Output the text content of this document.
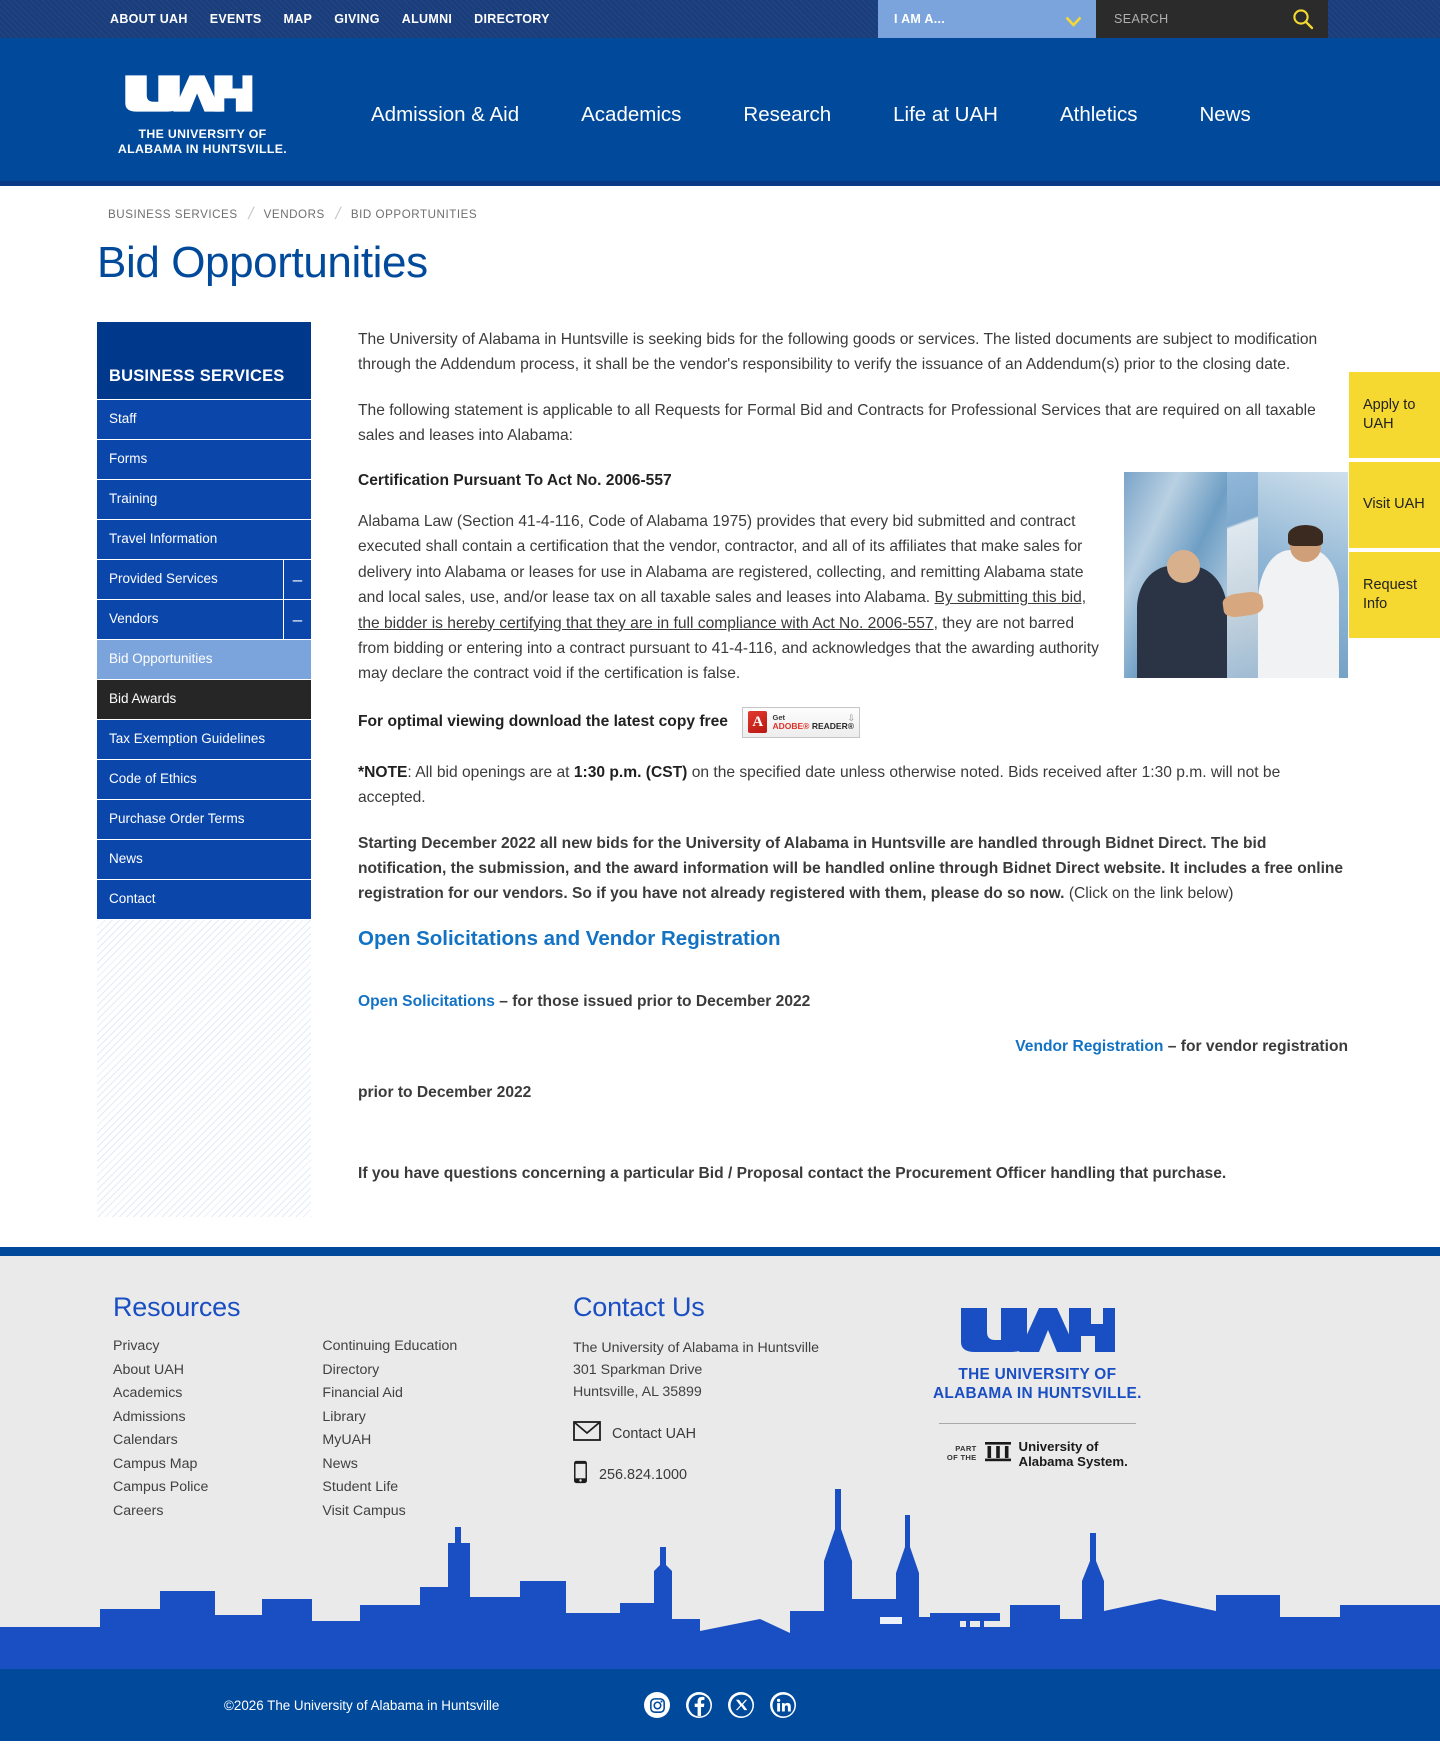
ABOUT UAH EVENTS MAP GIVING ALUMNI DIRECTORY	I AM A...
SEARCH
THE UNIVERSITY OF
ALABAMA IN HUNTSVILLE.
Admission & Aid	Academics	Research	Life at UAH	Athletics	News
Apply to UAH
Visit UAH
Request Info
BUSINESS SERVICES / VENDORS / BID OPPORTUNITIES
Bid Opportunities
BUSINESS SERVICES
Staff
Forms
Training
Travel Information
Provided Services	–
Vendors	–
Bid Opportunities
Bid Awards
Tax Exemption Guidelines
Code of Ethics
Purchase Order Terms
News
Contact

The University of Alabama in Huntsville is seeking bids for the following goods or services. The listed documents are subject to modification through the Addendum process, it shall be the vendor's responsibility to verify the issuance of an Addendum(s) prior to the closing date.

The following statement is applicable to all Requests for Formal Bid and Contracts for Professional Services that are required on all taxable sales and leases into Alabama:

Certification Pursuant To Act No. 2006-557

Alabama Law (Section 41-4-116, Code of Alabama 1975) provides that every bid submitted and contract executed shall contain a certification that the vendor, contractor, and all of its affiliates that make sales for delivery into Alabama or leases for use in Alabama are registered, collecting, and remitting Alabama state and local sales, use, and/or lease tax on all taxable sales and leases into Alabama. By submitting this bid, the bidder is hereby certifying that they are in full compliance with Act No. 2006-557, they are not barred from bidding or entering into a contract pursuant to 41-4-116, and acknowledges that the awarding authority may declare the contract void if the certification is false.

For optimal viewing download the latest copy free A	Get
ADOBE® READER®
⇩

*NOTE: All bid openings are at 1:30 p.m. (CST) on the specified date unless otherwise noted. Bids received after 1:30 p.m. will not be accepted.

Starting December 2022 all new bids for the University of Alabama in Huntsville are handled through Bidnet Direct. The bid notification, the submission, and the award information will be handled online through Bidnet Direct website. It includes a free online registration for our vendors. So if you have not already registered with them, please do so now. (Click on the link below)

Open Solicitations and Vendor Registration

Open Solicitations – for those issued prior to December 2022

Vendor Registration – for vendor registration

prior to December 2022

If you have questions concerning a particular Bid / Proposal contact the Procurement Officer handling that purchase.

Resources
Privacy
About UAH
Academics
Admissions
Calendars
Campus Map
Campus Police
Careers
Continuing Education
Directory
Financial Aid
Library
MyUAH
News
Student Life
Visit Campus
Contact Us
The University of Alabama in Huntsville
301 Sparkman Drive
Huntsville, AL 35899
Contact UAH
256.824.1000
THE UNIVERSITY OF
ALABAMA IN HUNTSVILLE.
PART
OF THE
University of
Alabama System.
©2026 The University of Alabama in Huntsville
